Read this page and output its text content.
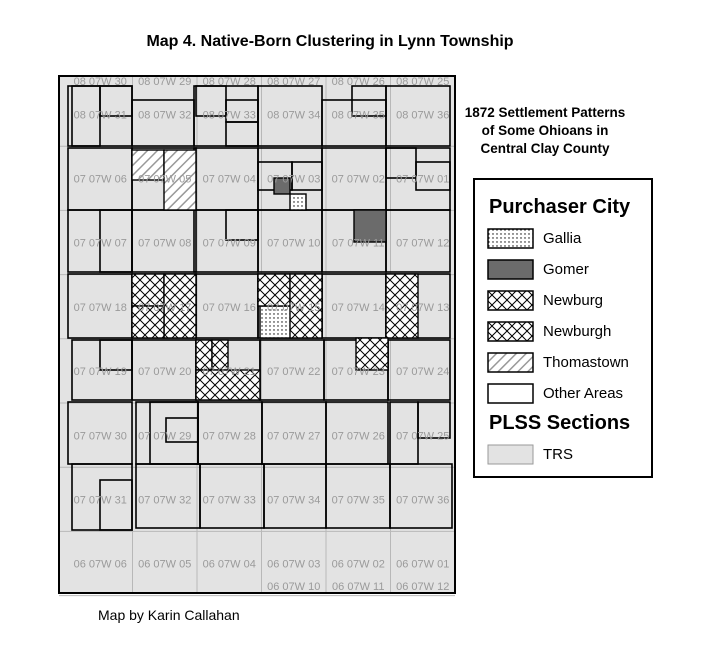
Map 4. Native-Born Clustering in Lynn Township
08 07W 30 08 07W 29 08 07W 28 08 07W 27 08 07W 26 08 07W 25
08 07W 31 08 07W 32 08 07W 33 08 07W 34 08 07W 35 08 07W 36
07 07W 06 07 07W 05 07 07W 04 07 07W 03 07 07W 02 07 07W 01
07 07W 07 07 07W 08 07 07W 09 07 07W 10 07 07W 11 07 07W 12
07 07W 18 07 07W 17 07 07W 16 07 07W 15 07 07W 14 07 07W 13
07 07W 19 07 07W 20 07 07W 21 07 07W 22 07 07W 23 07 07W 24
07 07W 30 07 07W 29 07 07W 28 07 07W 27 07 07W 26 07 07W 25
07 07W 31 07 07W 32 07 07W 33 07 07W 34 07 07W 35 07 07W 36
06 07W 06 06 07W 05 06 07W 04 06 07W 03 06 07W 02 06 07W 01
06 07W 10 06 07W 11 06 07W 12
1872 Settlement Patterns
of Some Ohioans in
Central Clay County
Purchaser City
Gallia
Gomer
Newburg
Newburgh
Thomastown
Other Areas
PLSS Sections
TRS
Map by Karin Callahan
